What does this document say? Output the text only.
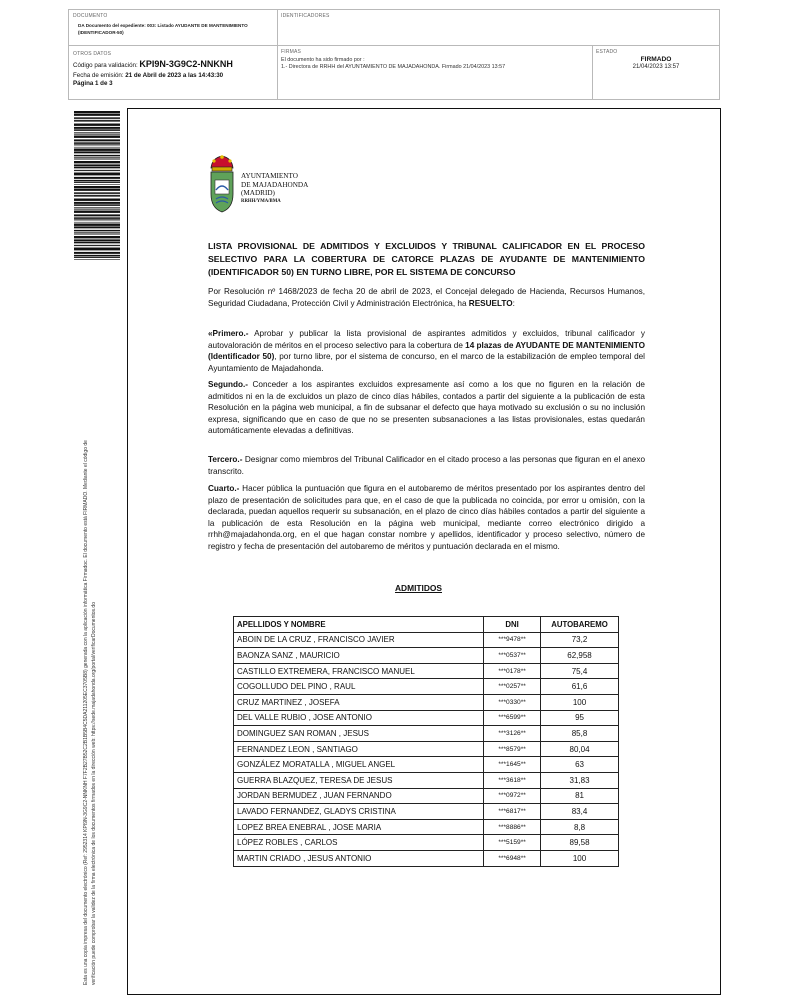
DOCUMENTO
DA Documento del expediente: 003: Listado AYUDANTE DE MANTENIMIENTO (IDENTIFICADOR-50)
IDENTIFICADORES
OTROS DATOS
Código para validación: KPI9N-3G9C2-NNKNH
Fecha de emisión: 21 de Abril de 2023 a las 14:43:30
Página 1 de 3
FIRMAS
El documento ha sido firmado por :
1.- Directora de RRHH del AYUNTAMIENTO DE MAJADAHONDA. Firmado 21/04/2023 13:57
ESTADO
FIRMADO
21/04/2023 13:57
Esta es una copia impresa del documento electrónico (Ref: 2952314 KPI9N-3G9C2-NNKNH F7F2B27B52C2B1B5B4C5DA211205EC3705B8) generada con la aplicación informática Firmadoc. El documento está FIRMADO. Mediante el código de verificación puede comprobar la validez de la firma electrónica de los documentos firmados en la dirección web: https://sede.majadahonda.org/portal/verificarDocumentos.do
AYUNTAMIENTO
DE MAJADAHONDA
(MADRID)
RRHH/YMA/BMA
LISTA PROVISIONAL DE ADMITIDOS Y EXCLUIDOS Y TRIBUNAL CALIFICADOR EN EL PROCESO SELECTIVO PARA LA COBERTURA DE CATORCE PLAZAS DE AYUDANTE DE MANTENIMIENTO (IDENTIFICADOR 50) EN TURNO LIBRE, POR EL SISTEMA DE CONCURSO
Por Resolución nº 1468/2023 de fecha 20 de abril de 2023, el Concejal delegado de Hacienda, Recursos Humanos, Seguridad Ciudadana, Protección Civil y Administración Electrónica, ha RESUELTO:
«Primero.- Aprobar y publicar la lista provisional de aspirantes admitidos y excluidos, tribunal calificador y autovaloración de méritos en el proceso selectivo para la cobertura de 14 plazas de AYUDANTE DE MANTENIMIENTO (Identificador 50), por turno libre, por el sistema de concurso, en el marco de la estabilización de empleo temporal del Ayuntamiento de Majadahonda.
Segundo.- Conceder a los aspirantes excluidos expresamente así como a los que no figuren en la relación de admitidos ni en la de excluidos un plazo de cinco días hábiles, contados a partir del siguiente a la publicación de esta Resolución en la página web municipal, a fin de subsanar el defecto que haya motivado su exclusión o su no inclusión expresa, significando que en caso de que no se presenten subsanaciones a las listas provisionales, estas quedarán automáticamente elevadas a definitivas.
Tercero.- Designar como miembros del Tribunal Calificador en el citado proceso a las personas que figuran en el anexo transcrito.
Cuarto.- Hacer pública la puntuación que figura en el autobaremo de méritos presentado por los aspirantes dentro del plazo de presentación de solicitudes para que, en el caso de que la publicada no coincida, por error u omisión, con la declarada, puedan aquellos requerir su subsanación, en el plazo de cinco días hábiles contados a partir del siguiente a la publicación de esta Resolución en la página web municipal, mediante correo electrónico dirigido a rrhh@majadahonda.org, en el que hagan constar nombre y apellidos, identificador y proceso selectivo, número de registro y fecha de presentación del autobaremo de méritos y puntuación declarada en el mismo.
ADMITIDOS
APELLIDOS Y NOMBRE	DNI	AUTOBAREMO
ABOIN DE LA CRUZ , FRANCISCO JAVIER	***9478**	73,2
BAONZA SANZ , MAURICIO	***0537**	62,958
CASTILLO EXTREMERA, FRANCISCO MANUEL	***0178**	75,4
COGOLLUDO DEL PINO , RAUL	***0257**	61,6
CRUZ MARTINEZ , JOSEFA	***0330**	100
DEL VALLE RUBIO , JOSE ANTONIO	***6599**	95
DOMINGUEZ SAN ROMAN , JESUS	***3126**	85,8
FERNANDEZ LEON , SANTIAGO	***8579**	80,04
GONZÁLEZ MORATALLA , MIGUEL ANGEL	***1645**	63
GUERRA BLAZQUEZ, TERESA DE JESUS	***3618**	31,83
JORDAN BERMUDEZ , JUAN FERNANDO	***0972**	81
LAVADO FERNANDEZ, GLADYS CRISTINA	***6817**	83,4
LOPEZ BREA ENEBRAL , JOSE MARIA	***8886**	8,8
LÓPEZ ROBLES , CARLOS	***5159**	89,58
MARTIN CRIADO , JESUS ANTONIO	***6948**	100
